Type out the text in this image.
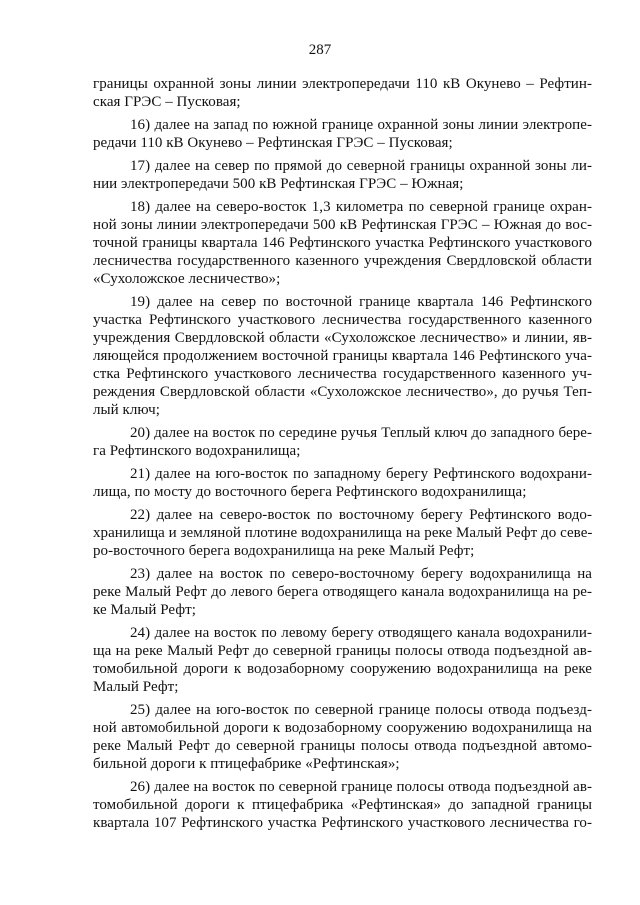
287
границы охранной зоны линии электропередачи 110 кВ Окунево – Рефтин-
ская ГРЭС – Пусковая;
16) далее на запад по южной границе охранной зоны линии электропе-
редачи 110 кВ Окунево – Рефтинская ГРЭС – Пусковая;
17) далее на север по прямой до северной границы охранной зоны ли-
нии электропередачи 500 кВ Рефтинская ГРЭС – Южная;
18) далее на северо-восток 1,3 километра по северной границе охран-
ной зоны линии электропередачи 500 кВ Рефтинская ГРЭС – Южная до вос-
точной границы квартала 146 Рефтинского участка Рефтинского участкового
лесничества государственного казенного учреждения Свердловской области
«Сухоложское лесничество»;
19) далее на север по восточной границе квартала 146 Рефтинского
участка Рефтинского участкового лесничества государственного казенного
учреждения Свердловской области «Сухоложское лесничество» и линии, яв-
ляющейся продолжением восточной границы квартала 146 Рефтинского уча-
стка Рефтинского участкового лесничества государственного казенного уч-
реждения Свердловской области «Сухоложское лесничество», до ручья Теп-
лый ключ;
20) далее на восток по середине ручья Теплый ключ до западного бере-
га Рефтинского водохранилища;
21) далее на юго-восток по западному берегу Рефтинского водохрани-
лища, по мосту до восточного берега Рефтинского водохранилища;
22) далее на северо-восток по восточному берегу Рефтинского водо-
хранилища и земляной плотине водохранилища на реке Малый Рефт до севе-
ро-восточного берега водохранилища на реке Малый Рефт;
23) далее на восток по северо-восточному берегу водохранилища на
реке Малый Рефт до левого берега отводящего канала водохранилища на ре-
ке Малый Рефт;
24) далее на восток по левому берегу отводящего канала водохранили-
ща на реке Малый Рефт до северной границы полосы отвода подъездной ав-
томобильной дороги к водозаборному сооружению водохранилища на реке
Малый Рефт;
25) далее на юго-восток по северной границе полосы отвода подъезд-
ной автомобильной дороги к водозаборному сооружению водохранилища на
реке Малый Рефт до северной границы полосы отвода подъездной автомо-
бильной дороги к птицефабрике «Рефтинская»;
26) далее на восток по северной границе полосы отвода подъездной ав-
томобильной дороги к птицефабрика «Рефтинская» до западной границы
квартала 107 Рефтинского участка Рефтинского участкового лесничества го-
